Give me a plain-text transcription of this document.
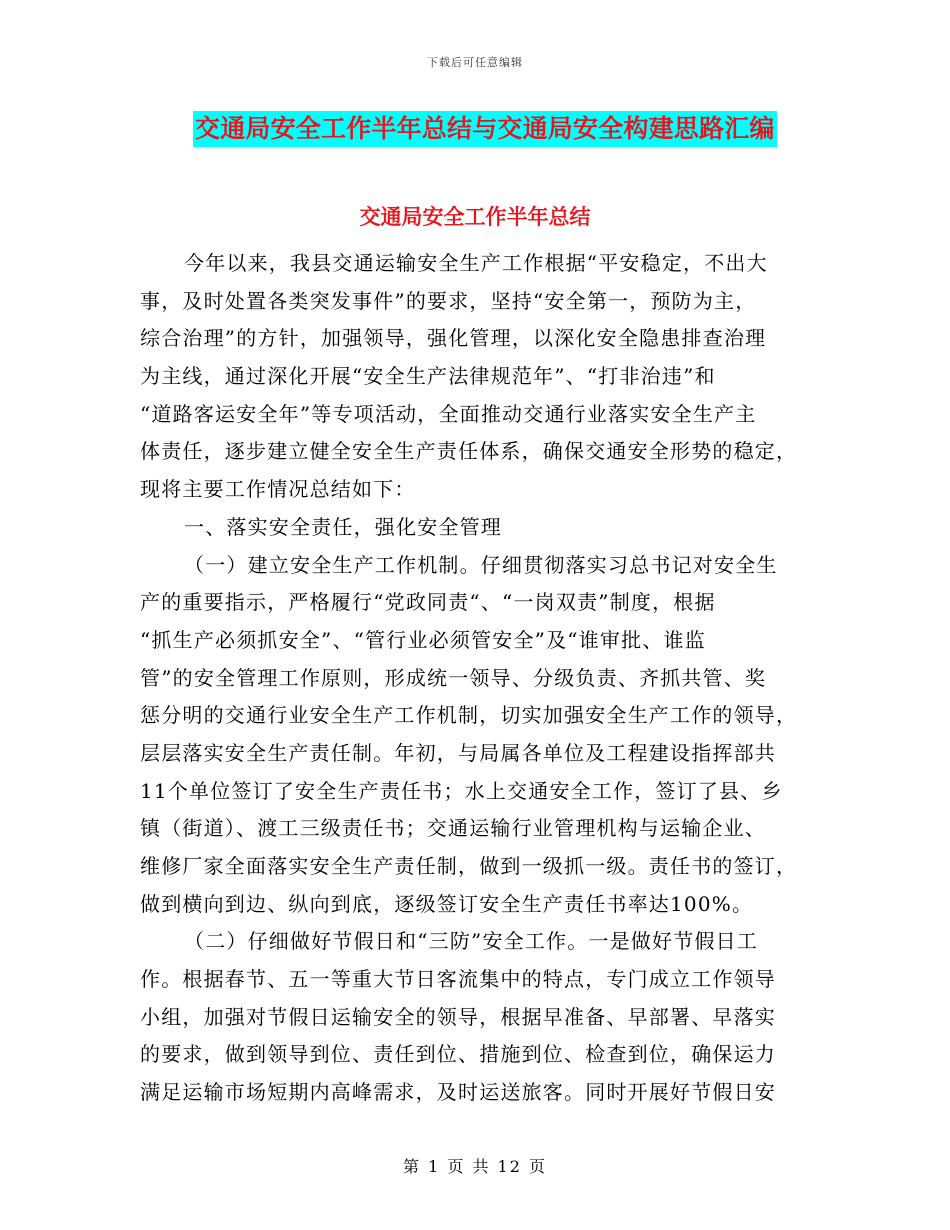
下载后可任意编辑
交通局安全工作半年总结与交通局安全构建思路汇编
交通局安全工作半年总结
今年以来，我县交通运输安全生产工作根据“平安稳定，不出大
事，及时处置各类突发事件”的要求，坚持“安全第一，预防为主，
综合治理”的方针，加强领导，强化管理，以深化安全隐患排查治理
为主线，通过深化开展“安全生产法律规范年”、“打非治违”和
“道路客运安全年”等专项活动，全面推动交通行业落实安全生产主
体责任，逐步建立健全安全生产责任体系，确保交通安全形势的稳定，
现将主要工作情况总结如下：
一、落实安全责任，强化安全管理
（一）建立安全生产工作机制。仔细贯彻落实习总书记对安全生
产的重要指示，严格履行“党政同责“、“一岗双责”制度，根据
“抓生产必须抓安全”、“管行业必须管安全”及“谁审批、谁监
管”的安全管理工作原则，形成统一领导、分级负责、齐抓共管、奖
惩分明的交通行业安全生产工作机制，切实加强安全生产工作的领导，
层层落实安全生产责任制。年初，与局属各单位及工程建设指挥部共
11个单位签订了安全生产责任书；水上交通安全工作，签订了县、乡
镇（街道）、渡工三级责任书；交通运输行业管理机构与运输企业、
维修厂家全面落实安全生产责任制，做到一级抓一级。责任书的签订，
做到横向到边、纵向到底，逐级签订安全生产责任书率达100%。
（二）仔细做好节假日和“三防”安全工作。一是做好节假日工
作。根据春节、五一等重大节日客流集中的特点，专门成立工作领导
小组，加强对节假日运输安全的领导，根据早准备、早部署、早落实
的要求，做到领导到位、责任到位、措施到位、检查到位，确保运力
满足运输市场短期内高峰需求，及时运送旅客。同时开展好节假日安
第 1 页 共 12 页
